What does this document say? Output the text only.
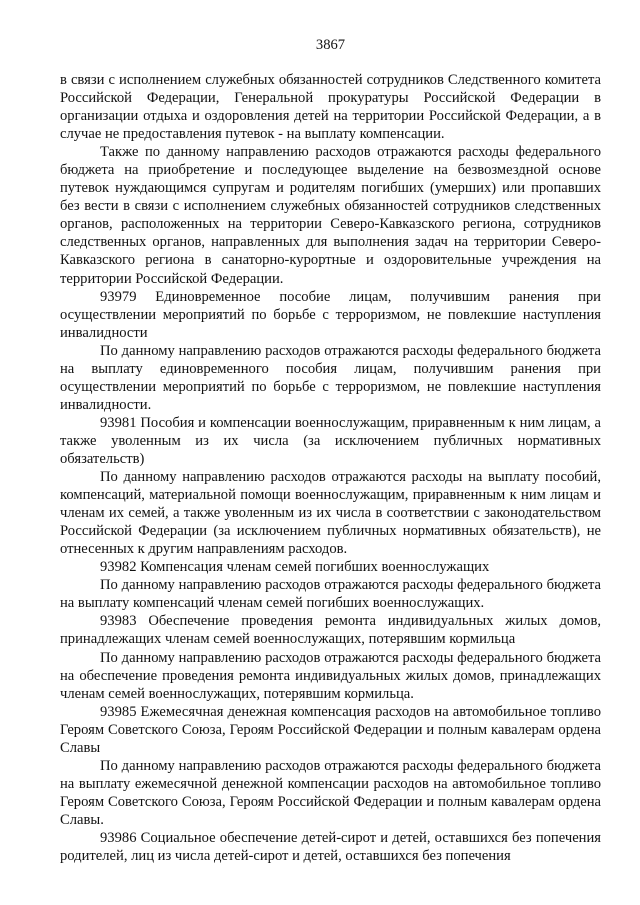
3867

в связи с исполнением служебных обязанностей сотрудников Следственного комитета Российской Федерации, Генеральной прокуратуры Российской Федерации в организации отдыха и оздоровления детей на территории Российской Федерации, а в случае не предоставления путевок - на выплату компенсации.

Также по данному направлению расходов отражаются расходы федерального бюджета на приобретение и последующее выделение на безвозмездной основе путевок нуждающимся супругам и родителям погибших (умерших) или пропавших без вести в связи с исполнением служебных обязанностей сотрудников следственных органов, расположенных на территории Северо-Кавказского региона, сотрудников следственных органов, направленных для выполнения задач на территории Северо-Кавказского региона в санаторно-курортные и оздоровительные учреждения на территории Российской Федерации.

93979 Единовременное пособие лицам, получившим ранения при осуществлении мероприятий по борьбе с терроризмом, не повлекшие наступления инвалидности

По данному направлению расходов отражаются расходы федерального бюджета на выплату единовременного пособия лицам, получившим ранения при осуществлении мероприятий по борьбе с терроризмом, не повлекшие наступления инвалидности.

93981 Пособия и компенсации военнослужащим, приравненным к ним лицам, а также уволенным из их числа (за исключением публичных нормативных обязательств)

По данному направлению расходов отражаются расходы на выплату пособий, компенсаций, материальной помощи военнослужащим, приравненным к ним лицам и членам их семей, а также уволенным из их числа в соответствии с законодательством Российской Федерации (за исключением публичных нормативных обязательств), не отнесенных к другим направлениям расходов.

93982 Компенсация членам семей погибших военнослужащих

По данному направлению расходов отражаются расходы федерального бюджета на выплату компенсаций членам семей погибших военнослужащих.

93983 Обеспечение проведения ремонта индивидуальных жилых домов, принадлежащих членам семей военнослужащих, потерявшим кормильца

По данному направлению расходов отражаются расходы федерального бюджета на обеспечение проведения ремонта индивидуальных жилых домов, принадлежащих членам семей военнослужащих, потерявшим кормильца.

93985 Ежемесячная денежная компенсация расходов на автомобильное топливо Героям Советского Союза, Героям Российской Федерации и полным кавалерам ордена Славы

По данному направлению расходов отражаются расходы федерального бюджета на выплату ежемесячной денежной компенсации расходов на автомобильное топливо Героям Советского Союза, Героям Российской Федерации и полным кавалерам ордена Славы.

93986 Социальное обеспечение детей-сирот и детей, оставшихся без попечения родителей, лиц из числа детей-сирот и детей, оставшихся без попечения
